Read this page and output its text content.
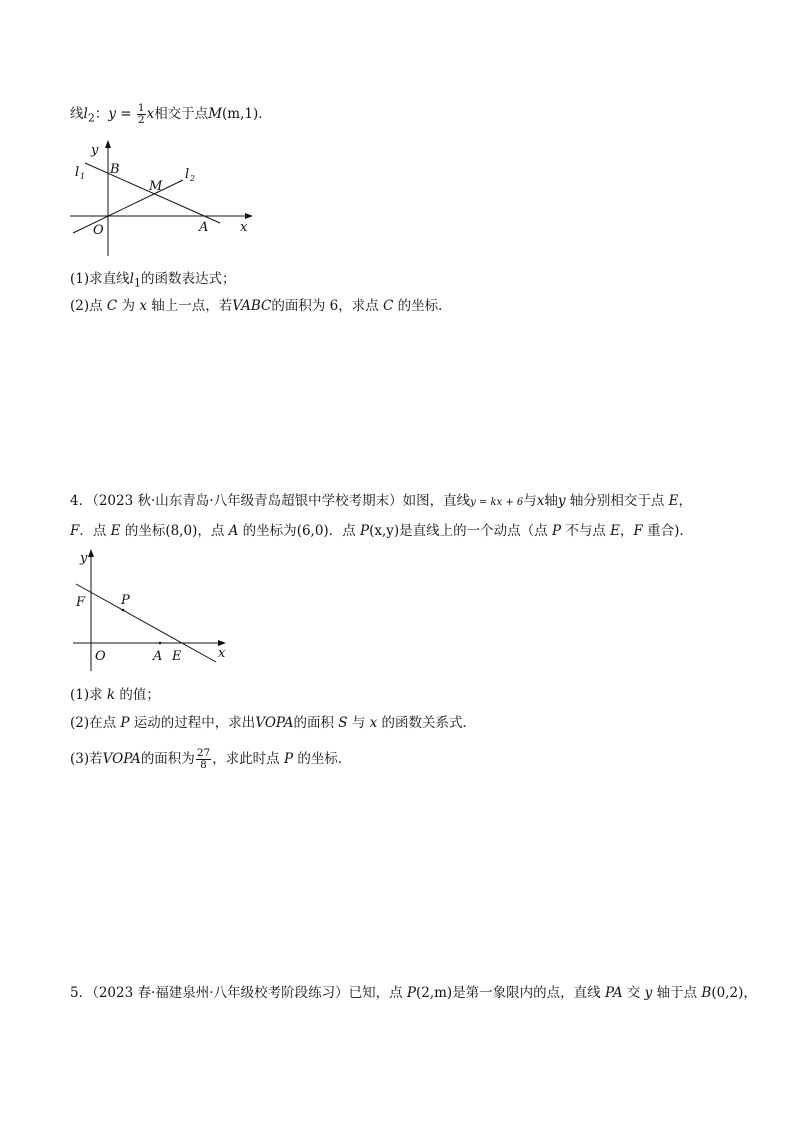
线$l_2$：$y = \frac{1}{2}$ x相交于点M(m,1)．
y
B
l 1
M
l 2
O	A x
(1)求直线$l_1$的函数表达式；
(2)点 C 为 x 轴上一点，若VABC的面积为 6，求点 C 的坐标．
4．（2023 秋·山东青岛·八年级青岛超银中学校考期末）如图，直线y = kx + 6与x轴y 轴分别相交于点 E，
F．点 E 的坐标(8,0)，点 A 的坐标为(6,0)．点 P(x,y)是直线上的一个动点（点 P 不与点 E，F 重合)．
y
F	P
O	A E	x
(1)求 k 的值；
(2)在点 P 运动的过程中，求出VOPA的面积 S 与 x 的函数关系式．
(3)若VOPA的面积为 $\frac{27}{8}$ ，求此时点 P 的坐标．
5．（2023 春·福建泉州·八年级校考阶段练习）已知，点 P(2,m)是第一象限内的点，直线 PA 交 y 轴于点 B(0,2)，
